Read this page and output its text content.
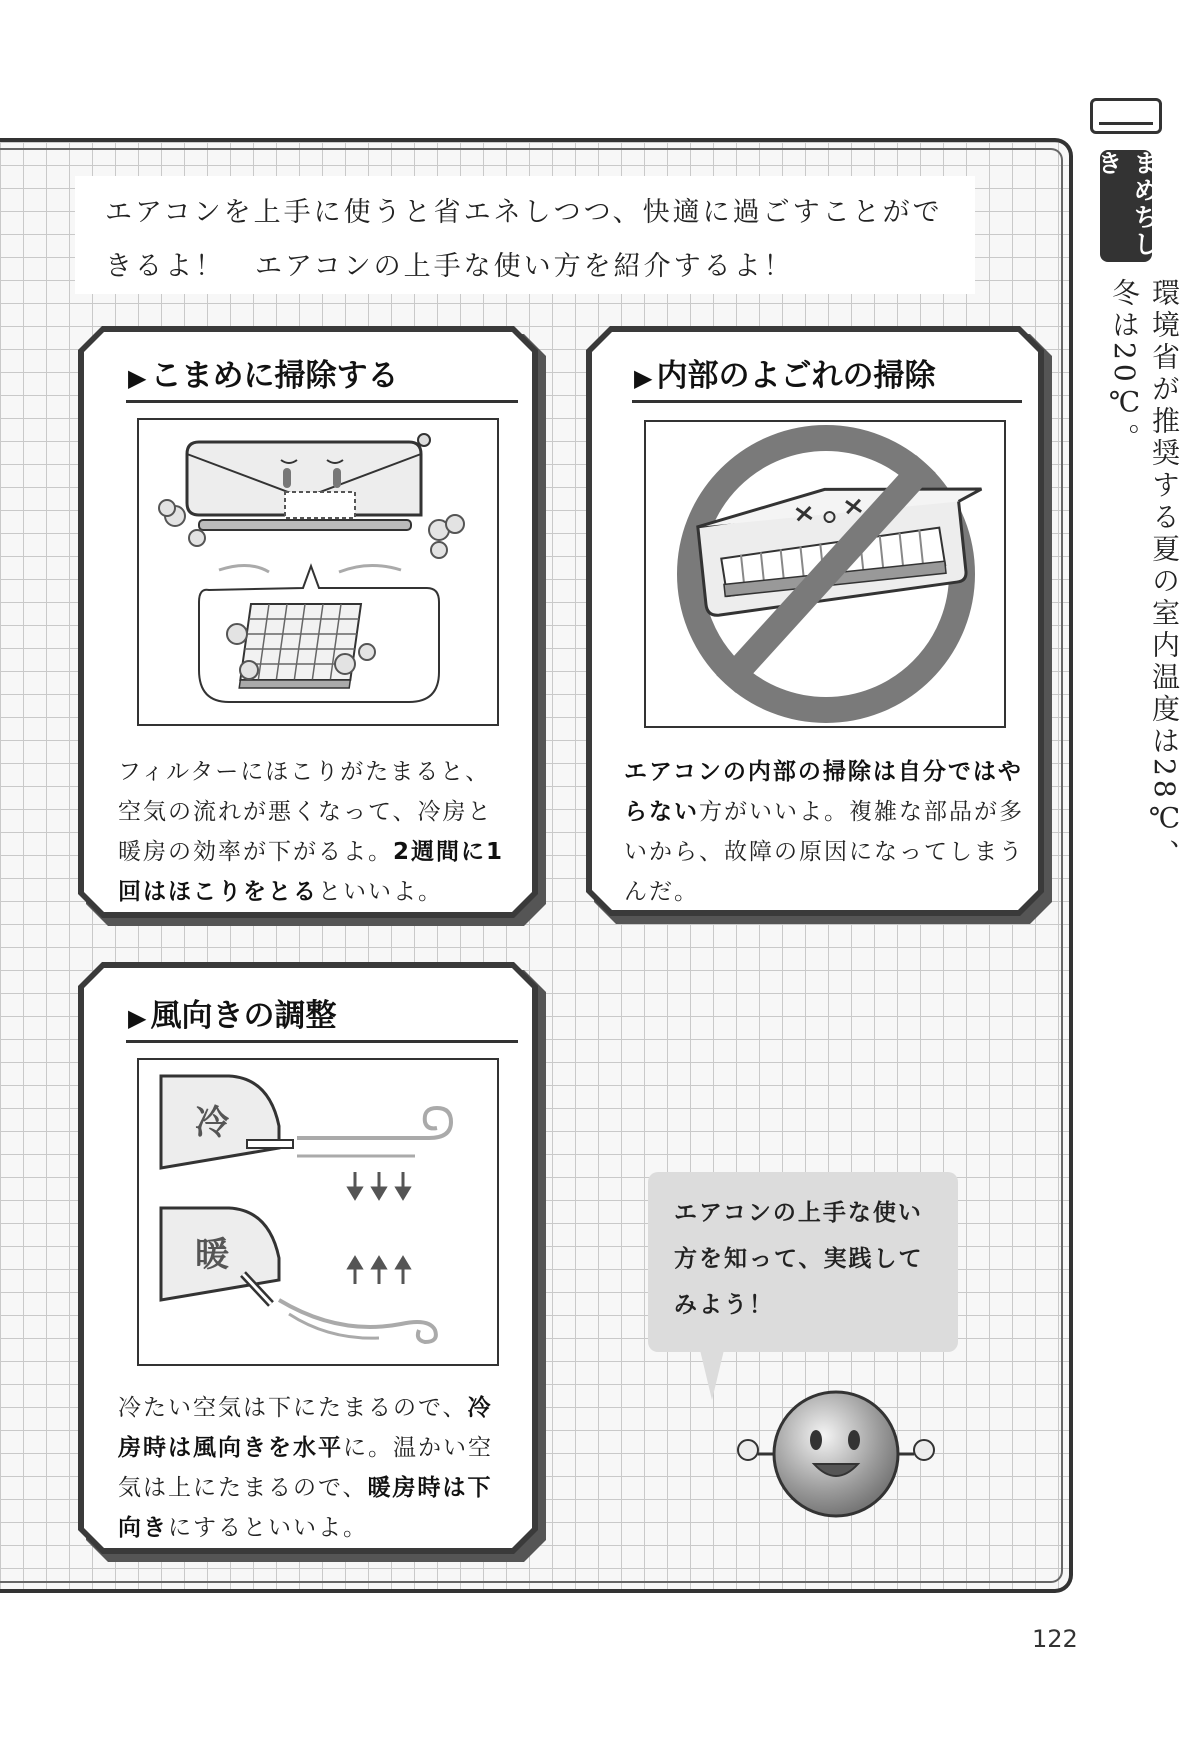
まめちしき
環境省が推奨する夏の室内温度は28℃、冬は20℃。

エアコンを上手に使うと省エネしつつ、快適に過ごすことがで

きるよ！　エアコンの上手な使い方を紹介するよ！

▶ こまめに掃除する
フィルターにほこりがたまると、空気の流れが悪くなって、冷房と暖房の効率が下がるよ。2週間に1回はほこりをとるといいよ。
▶ 内部のよごれの掃除
エアコンの内部の掃除は自分ではやらない方がいいよ。複雑な部品が多いから、故障の原因になってしまうんだ。
▶ 風向きの調整
冷
暖
冷たい空気は下にたまるので、冷房時は風向きを水平に。温かい空気は上にたまるので、暖房時は下向きにするといいよ。

エアコンの上手な使い

方を知って、実践して

みよう！

122
